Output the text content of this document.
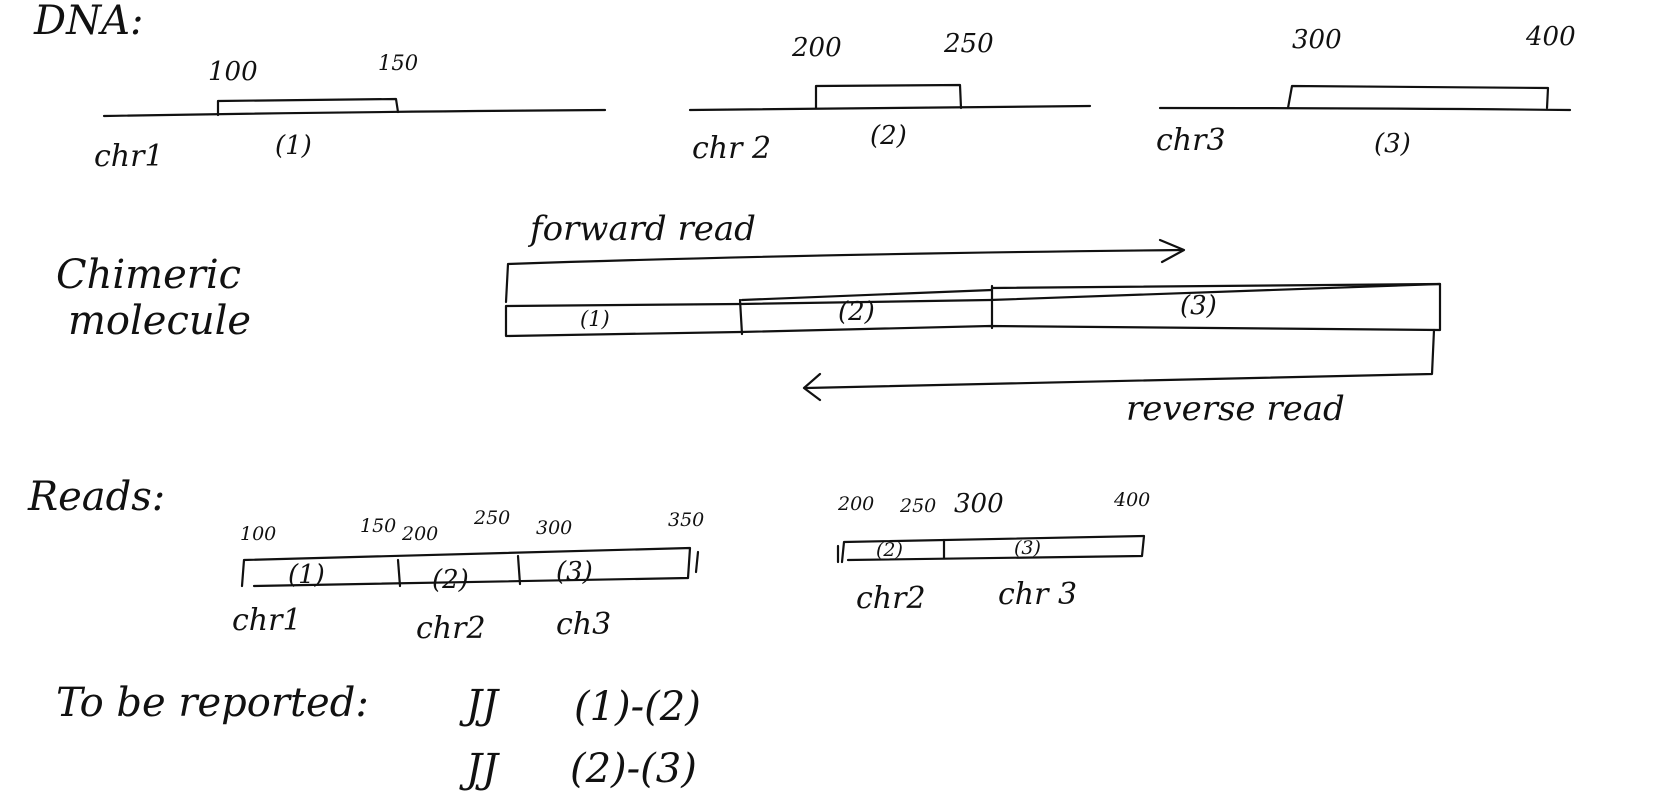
DNA:
100	150
chr1	(1)
200	250
chr 2	(2)
300	400
chr3	(3)
Chimeric
molecule
forward read
(1)	(2)	(3)
reverse read
Reads:
100	150 200
250 300	350
(1)	(2)	(3)
chr1	chr2 ch3
200 250 300	400
(2)	(3)
chr2 chr 3
To be reported: JJ (1)-(2)
JJ (2)-(3)
